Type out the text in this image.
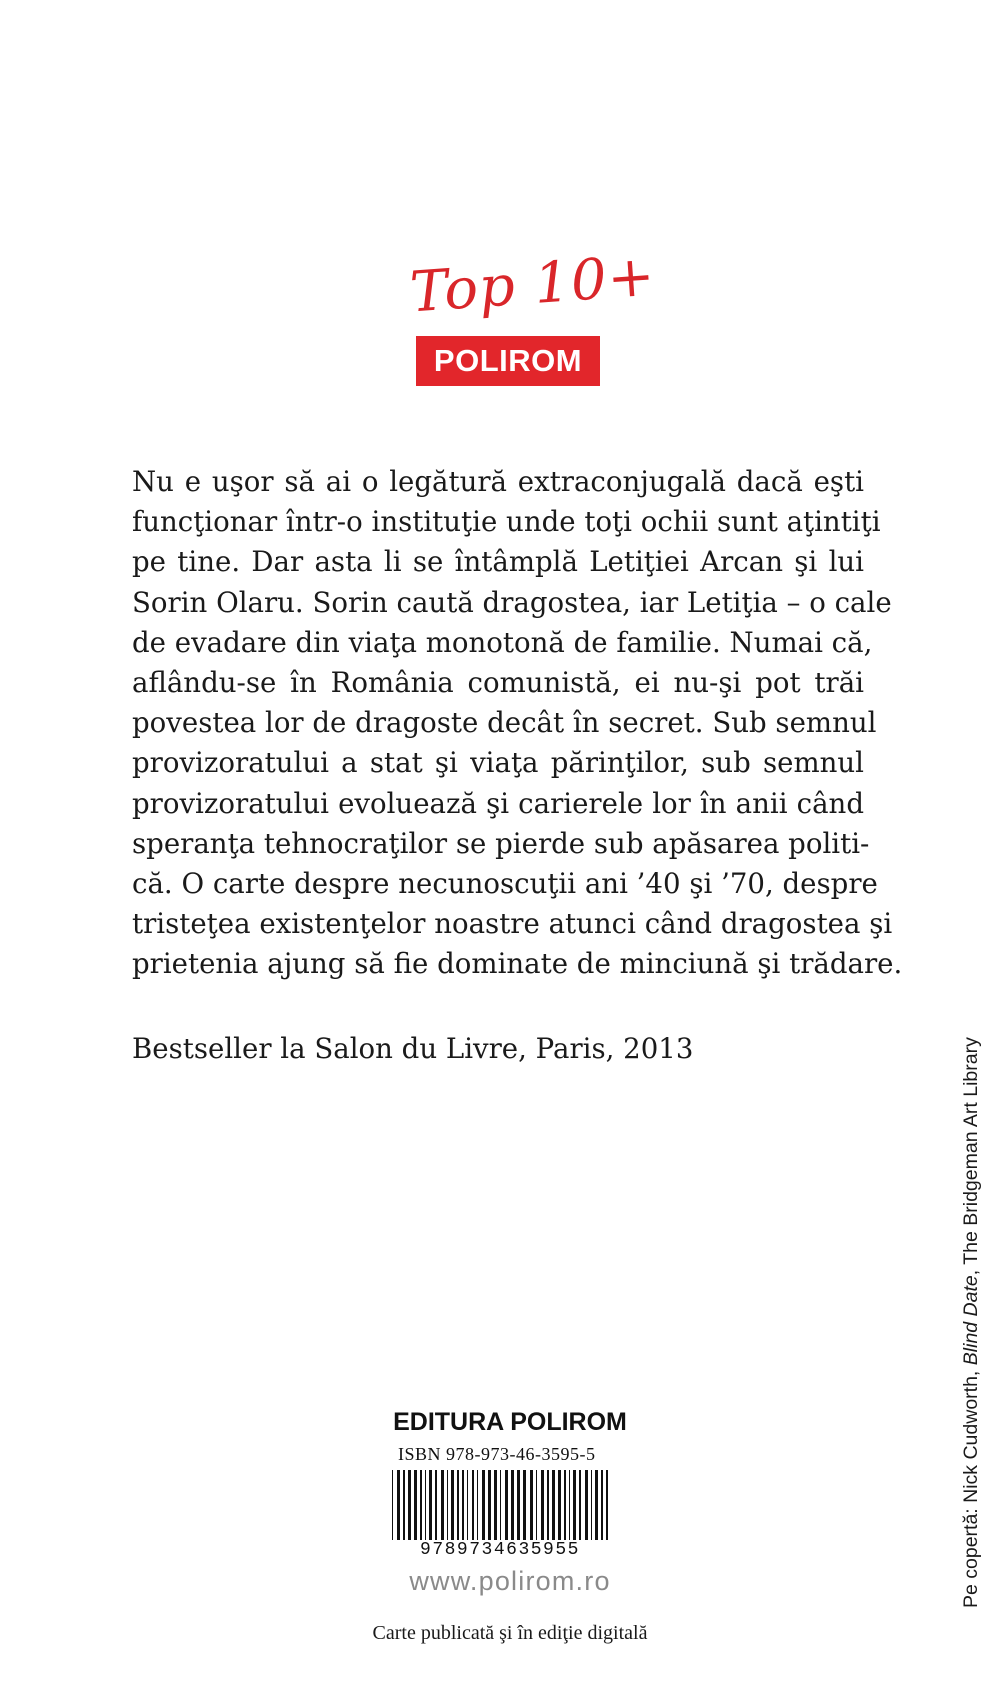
Top 10+
POLIROM
Nu e uşor să ai o legătură extraconjugală dacă eşti
funcţionar într-o instituţie unde toţi ochii sunt aţintiţi
pe tine. Dar asta li se întâmplă Letiţiei Arcan şi lui
Sorin Olaru. Sorin caută dragostea, iar Letiţia – o cale
de evadare din viaţa monotonă de familie. Numai că,
aflându-se în România comunistă, ei nu-şi pot trăi
povestea lor de dragoste decât în secret. Sub semnul
provizoratului a stat şi viaţa părinţilor, sub semnul
provizoratului evoluează şi carierele lor în anii când
speranţa tehnocraţilor se pierde sub apăsarea politi-
că. O carte despre necunoscuţii ani ’40 şi ’70, despre
tristeţea existenţelor noastre atunci când dragostea şi
prietenia ajung să fie dominate de minciună şi trădare.
Bestseller la Salon du Livre, Paris, 2013
Pe copertă: Nick Cudworth, Blind Date, The Bridgeman Art Library
EDITURA POLIROM
ISBN 978-973-46-3595-5
9789734635955
www.polirom.ro
Carte publicată şi în ediţie digitală
